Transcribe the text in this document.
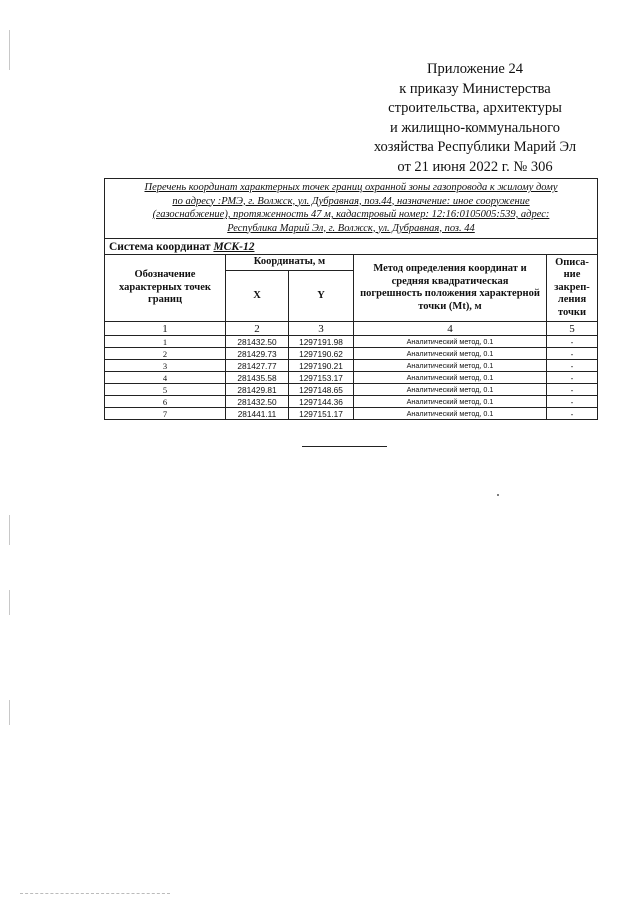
Приложение 24
к приказу Министерства
строительства, архитектуры
и жилищно-коммунального
хозяйства Республики Марий Эл
от 21 июня 2022 г. № 306
Перечень координат характерных точек границ охранной зоны газопровода к жилому дому
по адресу :РМЭ, г. Волжск, ул. Дубравная, поз.44, назначение: иное сооружение
(газоснабжение), протяженность 47 м, кадастровый номер: 12:16:0105005:539, адрес:
Республика Марий Эл, г. Волжск, ул. Дубравная, поз. 44				

Система координат МСК-12				
Обозначение характерных точек границ	Координаты, м		Метод определения координат и средняя квадратическая погрешность положения характерной точки (Mt), м	Описа-
ние
закреп-
ления
точки

	X	Y		
1	2	3	4	5
1	281432.50	1297191.98	Аналитический метод, 0.1	-
2	281429.73	1297190.62	Аналитический метод, 0.1	-
3	281427.77	1297190.21	Аналитический метод, 0.1	-
4	281435.58	1297153.17	Аналитический метод, 0.1	-
5	281429.81	1297148.65	Аналитический метод, 0.1	-
6	281432.50	1297144.36	Аналитический метод, 0.1	-
7	281441.11	1297151.17	Аналитический метод, 0.1	-
